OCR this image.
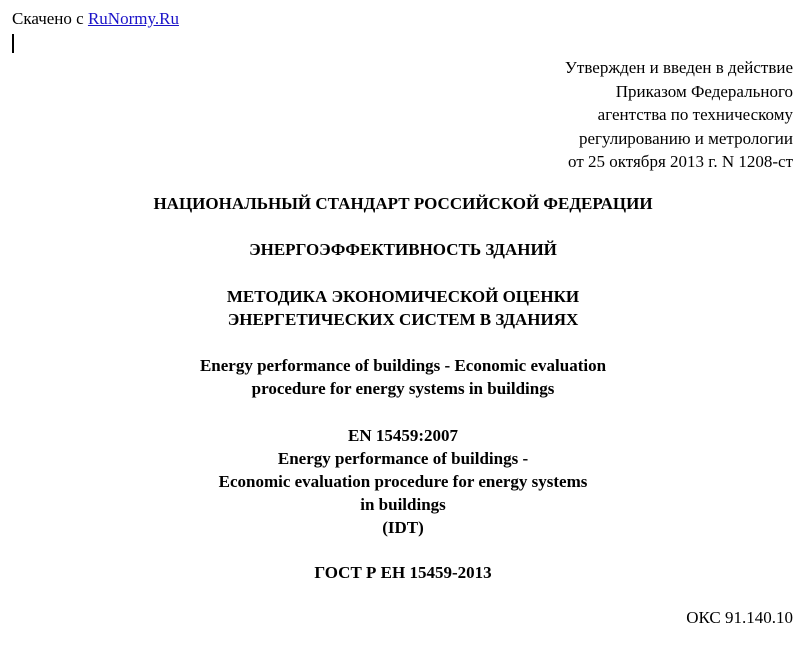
Скачено с RuNormy.Ru
Утвержден и введен в действие
Приказом Федерального
агентства по техническому
регулированию и метрологии
от 25 октября 2013 г. N 1208-ст
НАЦИОНАЛЬНЫЙ СТАНДАРТ РОССИЙСКОЙ ФЕДЕРАЦИИ
ЭНЕРГОЭФФЕКТИВНОСТЬ ЗДАНИЙ
МЕТОДИКА ЭКОНОМИЧЕСКОЙ ОЦЕНКИ
ЭНЕРГЕТИЧЕСКИХ СИСТЕМ В ЗДАНИЯХ
Energy performance of buildings - Economic evaluation
procedure for energy systems in buildings
EN 15459:2007
Energy performance of buildings -
Economic evaluation procedure for energy systems
in buildings
(IDT)
ГОСТ Р ЕН 15459-2013
ОКС 91.140.10
